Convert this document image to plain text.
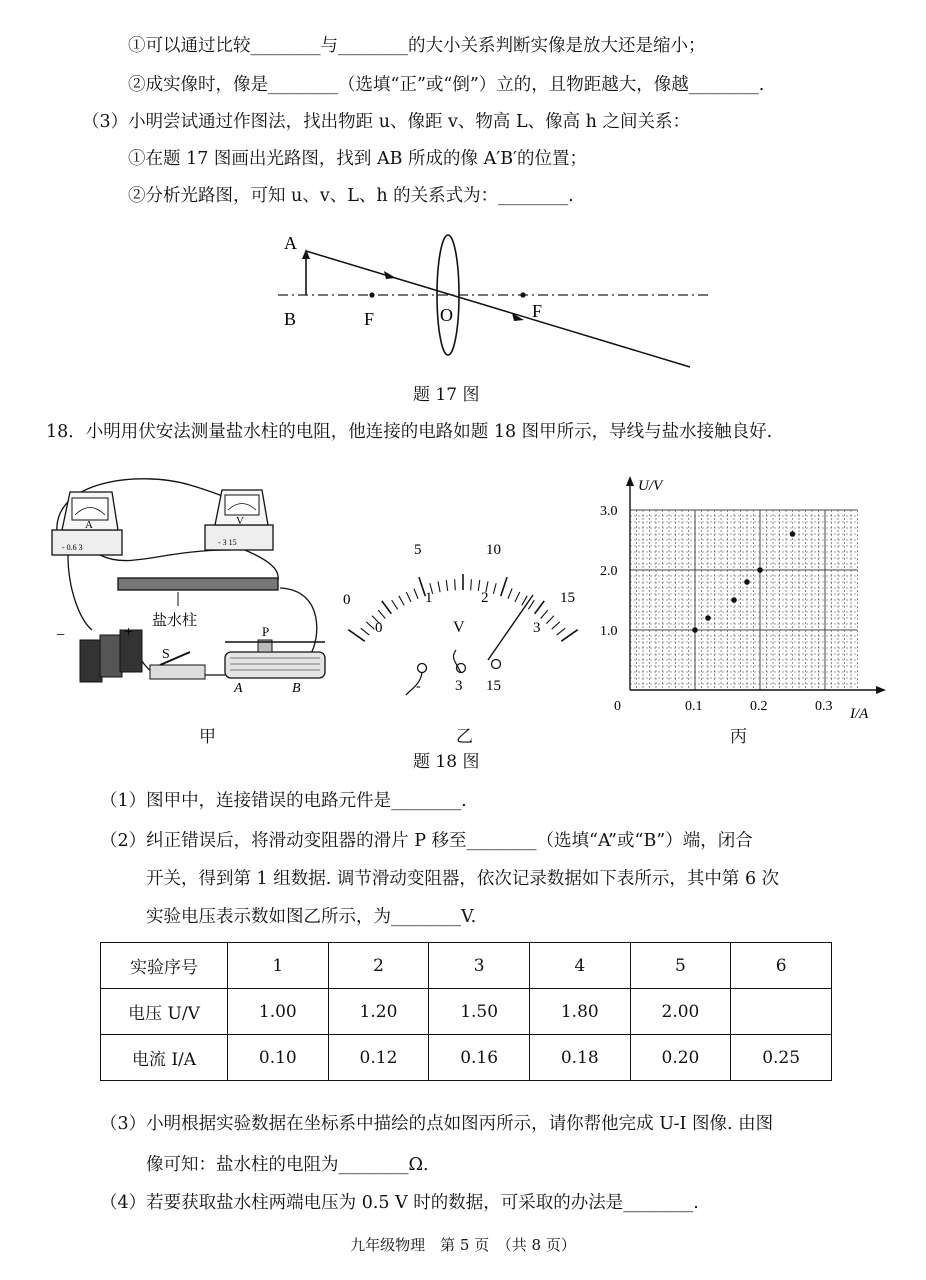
①可以通过比较________与________的大小关系判断实像是放大还是缩小；
②成实像时，像是________（选填“正”或“倒”）立的，且物距越大，像越________.
（3）小明尝试通过作图法，找出物距 u、像距 v、物高 L、像高 h 之间关系：
①在题 17 图画出光路图，找到 AB 所成的像 A′B′的位置；
②分析光路图，可知 u、v、L、h 的关系式为：________.
A
B	F	O	F
题 17 图
18．小明用伏安法测量盐水柱的电阻，他连接的电路如题 18 图甲所示，导线与盐水接触良好.
A
- 0.6 3
V
- 3 15
盐水柱
−	+
S
P
A	B
0
5	10
15
0
1	2
3
V
- 3 15
0	0.1	0.2	0.3
1.0
2.0
3.0
I/A
U/V
甲	乙	丙
题 18 图
（1）图甲中，连接错误的电路元件是________.
（2）纠正错误后，将滑动变阻器的滑片 P 移至________（选填“A”或“B”）端，闭合
开关，得到第 1 组数据. 调节滑动变阻器，依次记录数据如下表所示，其中第 6 次
实验电压表示数如图乙所示，为________V.
实验序号	1	2	3	4	5	6
电压 U/V	1.00	1.20	1.50	1.80	2.00	
电流 I/A	0.10	0.12	0.16	0.18	0.20	0.25
（3）小明根据实验数据在坐标系中描绘的点如图丙所示，请你帮他完成 U-I 图像. 由图
像可知：盐水柱的电阻为________Ω.
（4）若要获取盐水柱两端电压为 0.5 V 时的数据，可采取的办法是________.
九年级物理　第 5 页　（共 8 页）
